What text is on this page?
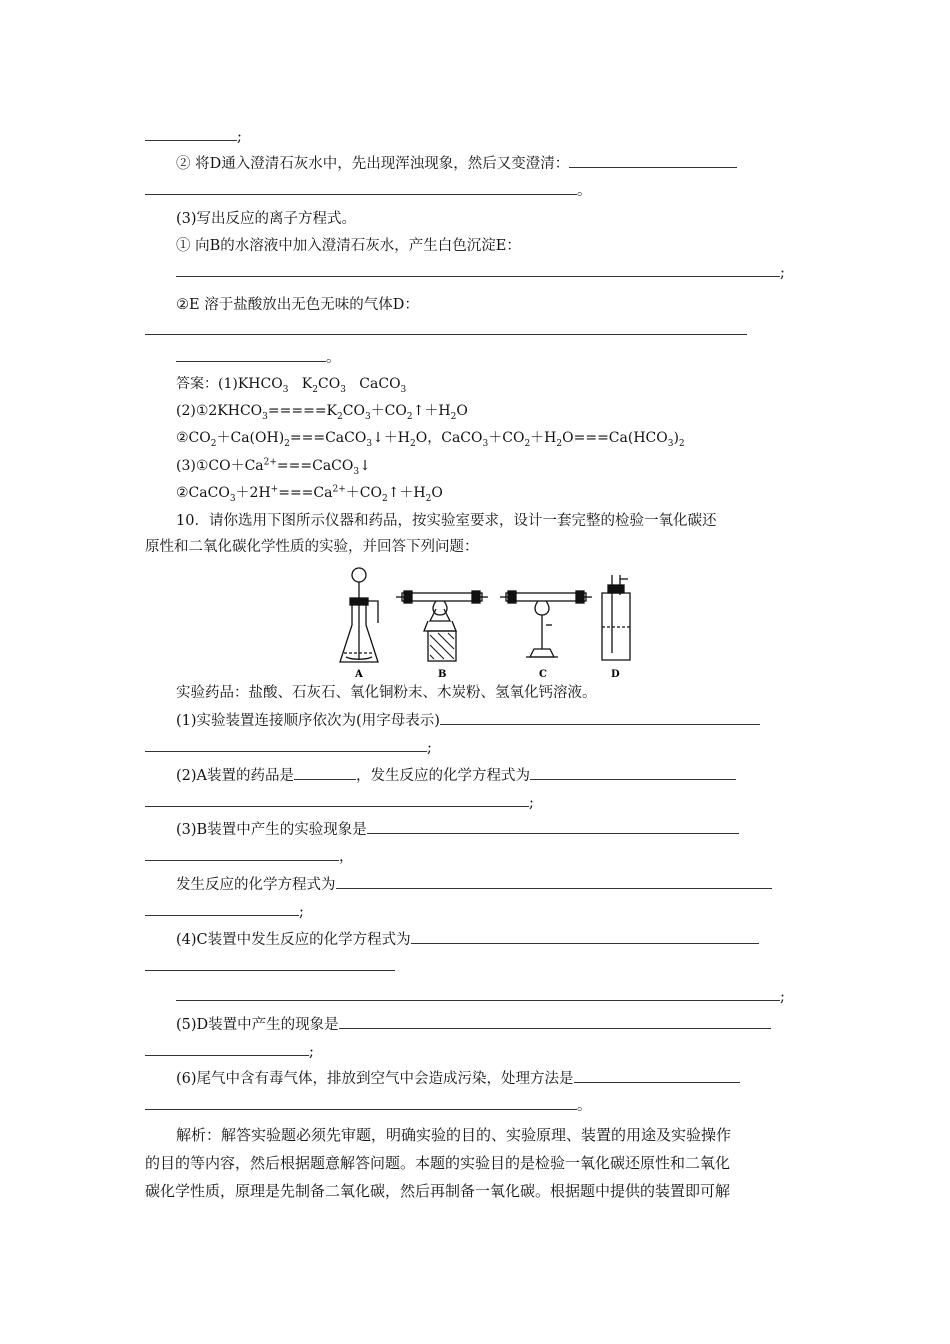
;
② 将D通入澄清石灰水中，先出现浑浊现象，然后又变澄清：
。
(3)写出反应的离子方程式。
① 向B的水溶液中加入澄清石灰水，产生白色沉淀E：
;
②E 溶于盐酸放出无色无味的气体D：
。
答案：$(1)KHCO_3$ $K_2CO_3$ CaCO$_3$
$(2)①2KHCO_3=====K_2CO_3+CO_2↑+H_2O$
$②CO_2+Ca(OH)_2===CaCO_3↓+H_2O$，$CaCO_3+CO_2+H_2O===Ca(HCO_3)_2$
$(3)①CO+Ca^{2+}===CaCO_3↓$
$②CaCO_3+2H^+===Ca^{2+}+CO_2↑+H_2O$
10．请你选用下图所示仪器和药品，按实验室要求，设计一套完整的检验一氧化碳还
原性和二氧化碳化学性质的实验，并回答下列问题：
A	B	C	D
实验药品：盐酸、石灰石、氧化铜粉末、木炭粉、氢氧化钙溶液。
(1)实验装置连接顺序依次为(用字母表示)
;
(2)A装置的药品是	，发生反应的化学方程式为
;
(3)B装置中产生的实验现象是
，
发生反应的化学方程式为
;
(4)C装置中发生反应的化学方程式为
;
(5)D装置中产生的现象是
;
(6)尾气中含有毒气体，排放到空气中会造成污染，处理方法是
。
解析：解答实验题必须先审题，明确实验的目的、实验原理、装置的用途及实验操作
的目的等内容，然后根据题意解答问题。本题的实验目的是检验一氧化碳还原性和二氧化
碳化学性质，原理是先制备二氧化碳，然后再制备一氧化碳。根据题中提供的装置即可解
